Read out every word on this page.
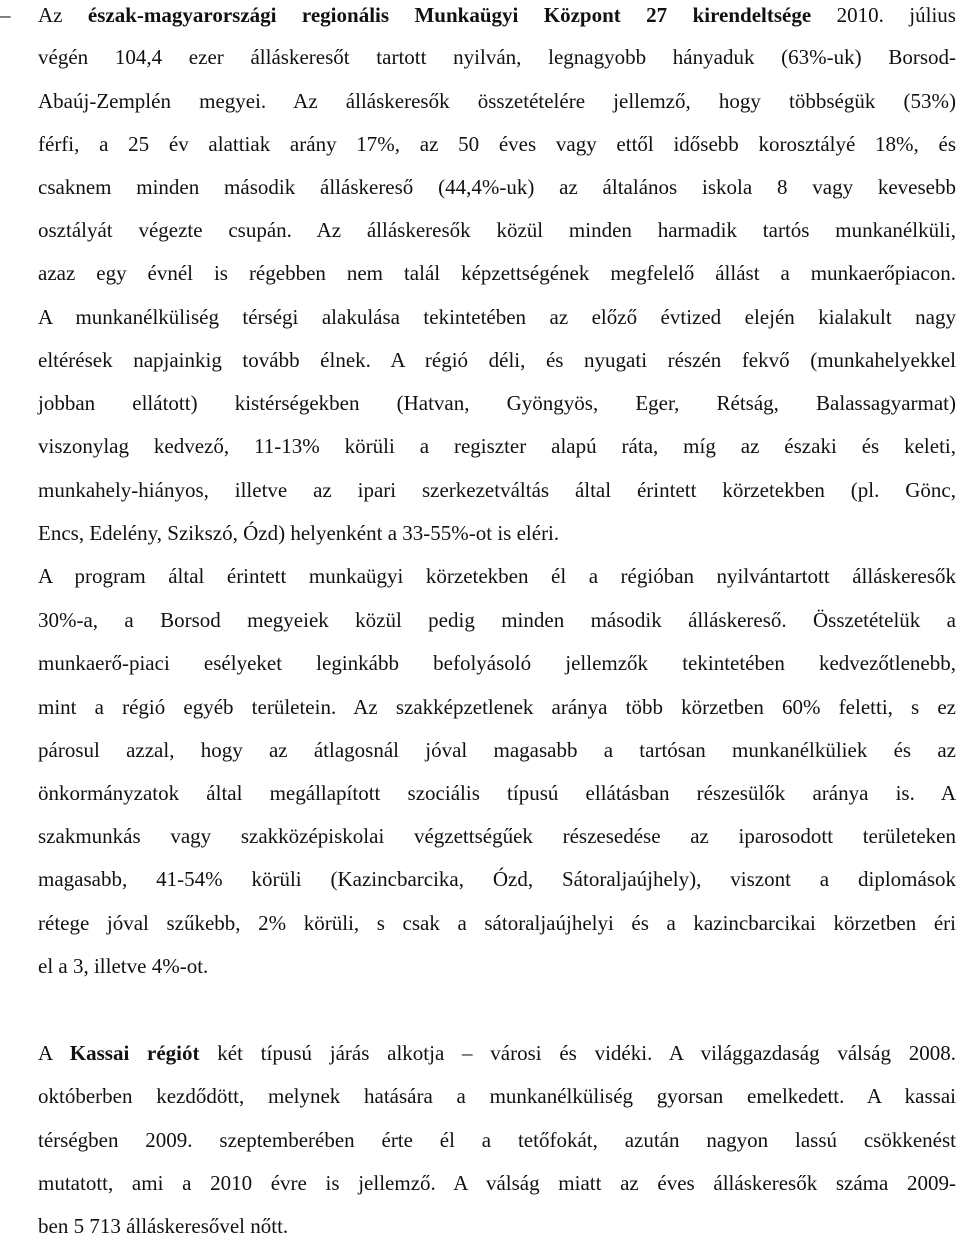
– Az észak-magyarországi regionális Munkaügyi Központ 27 kirendeltsége 2010. július
végén 104,4 ezer álláskeresőt tartott nyilván, legnagyobb hányaduk (63%-uk) Borsod-
Abaúj-Zemplén megyei. Az álláskeresők összetételére jellemző, hogy többségük (53%)
férfi, a 25 év alattiak arány 17%, az 50 éves vagy ettől idősebb korosztályé 18%, és
csaknem minden második álláskereső (44,4%-uk) az általános iskola 8 vagy kevesebb
osztályát végezte csupán. Az álláskeresők közül minden harmadik tartós munkanélküli,
azaz egy évnél is régebben nem talál képzettségének megfelelő állást a munkaerőpiacon.
A munkanélküliség térségi alakulása tekintetében az előző évtized elején kialakult nagy
eltérések napjainkig tovább élnek. A régió déli, és nyugati részén fekvő (munkahelyekkel
jobban ellátott) kistérségekben (Hatvan, Gyöngyös, Eger, Rétság, Balassagyarmat)
viszonylag kedvező, 11-13% körüli a regiszter alapú ráta, míg az északi és keleti,
munkahely-hiányos, illetve az ipari szerkezetváltás által érintett körzetekben (pl. Gönc,
Encs, Edelény, Szikszó, Ózd) helyenként a 33-55%-ot is eléri.
A program által érintett munkaügyi körzetekben él a régióban nyilvántartott álláskeresők
30%-a, a Borsod megyeiek közül pedig minden második álláskereső. Összetételük a
munkaerő-piaci esélyeket leginkább befolyásoló jellemzők tekintetében kedvezőtlenebb,
mint a régió egyéb területein. Az szakképzetlenek aránya több körzetben 60% feletti, s ez
párosul azzal, hogy az átlagosnál jóval magasabb a tartósan munkanélküliek és az
önkormányzatok által megállapított szociális típusú ellátásban részesülők aránya is. A
szakmunkás vagy szakközépiskolai végzettségűek részesedése az iparosodott területeken
magasabb, 41-54% körüli (Kazincbarcika, Ózd, Sátoraljaújhely), viszont a diplomások
rétege jóval szűkebb, 2% körüli, s csak a sátoraljaújhelyi és a kazincbarcikai körzetben éri
el a 3, illetve 4%-ot.
A Kassai régiót két típusú járás alkotja – városi és vidéki. A világgazdaság válság 2008.
októberben kezdődött, melynek hatására a munkanélküliség gyorsan emelkedett. A kassai
térségben 2009. szeptemberében érte él a tetőfokát, azután nagyon lassú csökkenést
mutatott, ami a 2010 évre is jellemző. A válság miatt az éves álláskeresők száma 2009-
ben 5 713 álláskeresővel nőtt.
